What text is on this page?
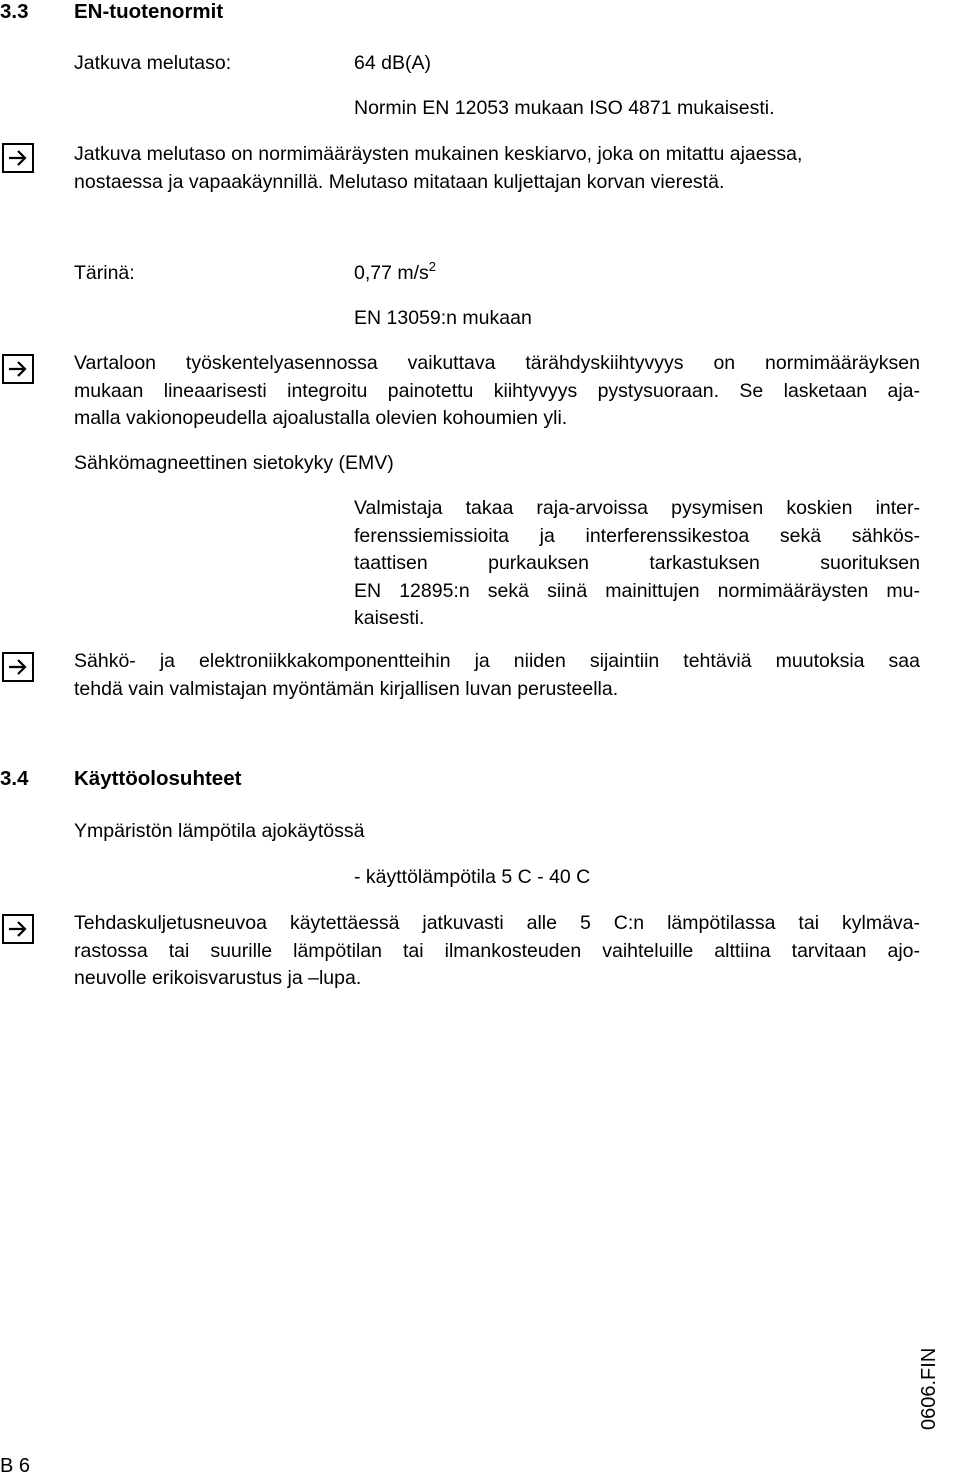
3.3 EN-tuotenormit
Jatkuva melutaso:	64 dB(A)
Normin EN 12053 mukaan ISO 4871 mukaisesti.
Jatkuva melutaso on normimääräysten mukainen keskiarvo, joka on mitattu ajaessa,
nostaessa ja vapaakäynnillä. Melutaso mitataan kuljettajan korvan vierestä.
Tärinä:	0,77 $m/s^2$
EN 13059:n mukaan
Vartaloon työskentelyasennossa vaikuttava tärähdyskiihtyvyys on normimääräyksen
mukaan lineaarisesti integroitu painotettu kiihtyvyys pystysuoraan. Se lasketaan aja-
malla vakionopeudella ajoalustalla olevien kohoumien yli.
Sähkömagneettinen sietokyky (EMV)
Valmistaja takaa raja-arvoissa pysymisen koskien inter-
ferenssiemissioita ja interferenssikestoa sekä sähkös-
taattisen purkauksen tarkastuksen suorituksen
EN 12895:n sekä siinä mainittujen normimääräysten mu-
kaisesti.
Sähkö- ja elektroniikkakomponentteihin ja niiden sijaintiin tehtäviä muutoksia saa
tehdä vain valmistajan myöntämän kirjallisen luvan perusteella.
3.4 Käyttöolosuhteet
Ympäristön lämpötila ajokäytössä
- käyttölämpötila 5 C - 40 C
Tehdaskuljetusneuvoa käytettäessä jatkuvasti alle 5 C:n lämpötilassa tai kylmäva-
rastossa tai suurille lämpötilan tai ilmankosteuden vaihteluille alttiina tarvitaan ajo-
neuvolle erikoisvarustus ja –lupa.
0606.FIN
B 6
